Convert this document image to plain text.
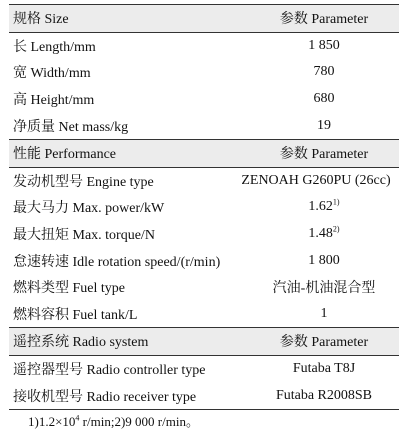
规格 Size	参数 Parameter
长 Length/mm	1 850
宽 Width/mm	780
高 Height/mm	680
净质量 Net mass/kg	19
性能 Performance	参数 Parameter
发动机型号 Engine type	ZENOAH G260PU (26cc)
最大马力 Max. power/kW	1.62$^{1)}$
最大扭矩 Max. torque/N	1.48$^{2)}$
怠速转速 Idle rotation speed/(r/min)	1 800
燃料类型 Fuel type	汽油-机油混合型
燃料容积 Fuel tank/L	1
遥控系统 Radio system	参数 Parameter
遥控器型号 Radio controller type	Futaba T8J
接收机型号 Radio receiver type	Futaba R2008SB
$1)1.2\times 10^4$ r/min;2)9 000 r/min。
